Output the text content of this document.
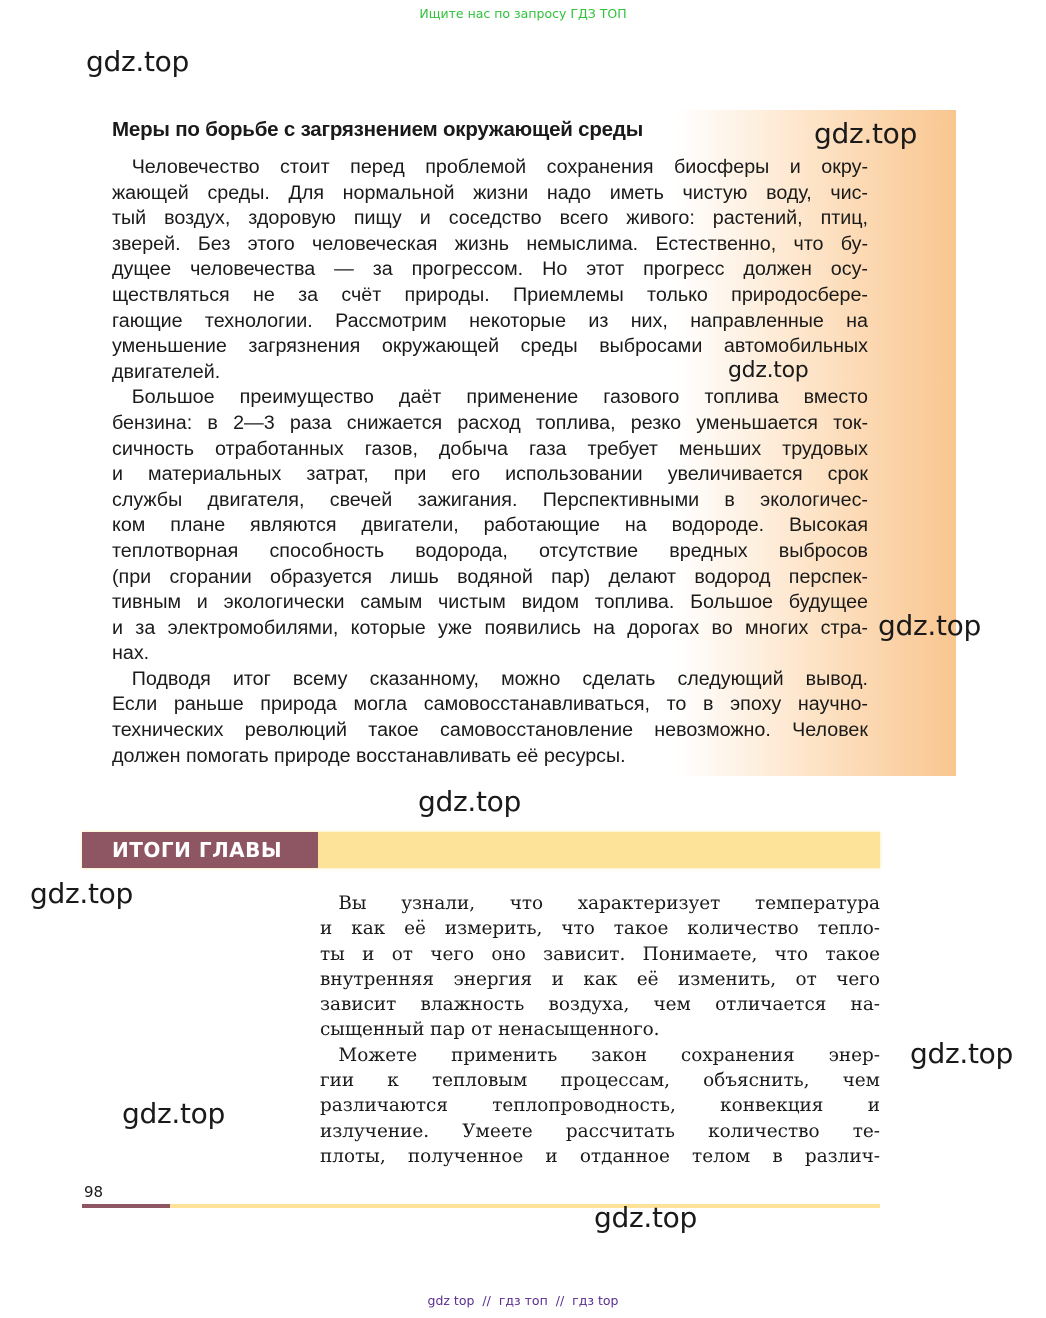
Ищите нас по запросу ГДЗ ТОП
Меры по борьбе с загрязнением окружающей среды
 Человечество стоит перед проблемой сохранения биосферы и окру-
жающей среды. Для нормальной жизни надо иметь чистую воду, чис-
тый воздух, здоровую пищу и соседство всего живого: растений, птиц,
зверей. Без этого человеческая жизнь немыслима. Естественно, что бу-
дущее человечества — за прогрессом. Но этот прогресс должен осу-
ществляться не за счёт природы. Приемлемы только природосбере-
гающие технологии. Рассмотрим некоторые из них, направленные на
уменьшение загрязнения окружающей среды выбросами автомобильных
двигателей.
 Большое преимущество даёт применение газового топлива вместо
бензина: в 2—3 раза снижается расход топлива, резко уменьшается ток-
сичность отработанных газов, добыча газа требует меньших трудовых
и материальных затрат, при его использовании увеличивается срок
службы двигателя, свечей зажигания. Перспективными в экологичес-
ком плане являются двигатели, работающие на водороде. Высокая
теплотворная способность водорода, отсутствие вредных выбросов
(при сгорании образуется лишь водяной пар) делают водород перспек-
тивным и экологически самым чистым видом топлива. Большое будущее
и за электромобилями, которые уже появились на дорогах во многих стра-
нах.
 Подводя итог всему сказанному, можно сделать следующий вывод.
Если раньше природа могла самовосстанавливаться, то в эпоху научно-
технических революций такое самовосстановление невозможно. Человек
должен помогать природе восстанавливать её ресурсы.
ИТОГИ ГЛАВЫ
 Вы узнали, что характеризует температура
и как её измерить, что такое количество тепло-
ты и от чего оно зависит. Понимаете, что такое
внутренняя энергия и как её изменить, от чего
зависит влажность воздуха, чем отличается на-
сыщенный пар от ненасыщенного.
 Можете применить закон сохранения энер-
гии к тепловым процессам, объяснить, чем
различаются теплопроводность, конвекция и
излучение. Умеете рассчитать количество те-
плоты, полученное и отданное телом в различ-
98
gdz.top
gdz.top
gdz.top
gdz.top
gdz.top
gdz.top
gdz.top
gdz.top
gdz.top
gdz top // гдз топ // гдз top
